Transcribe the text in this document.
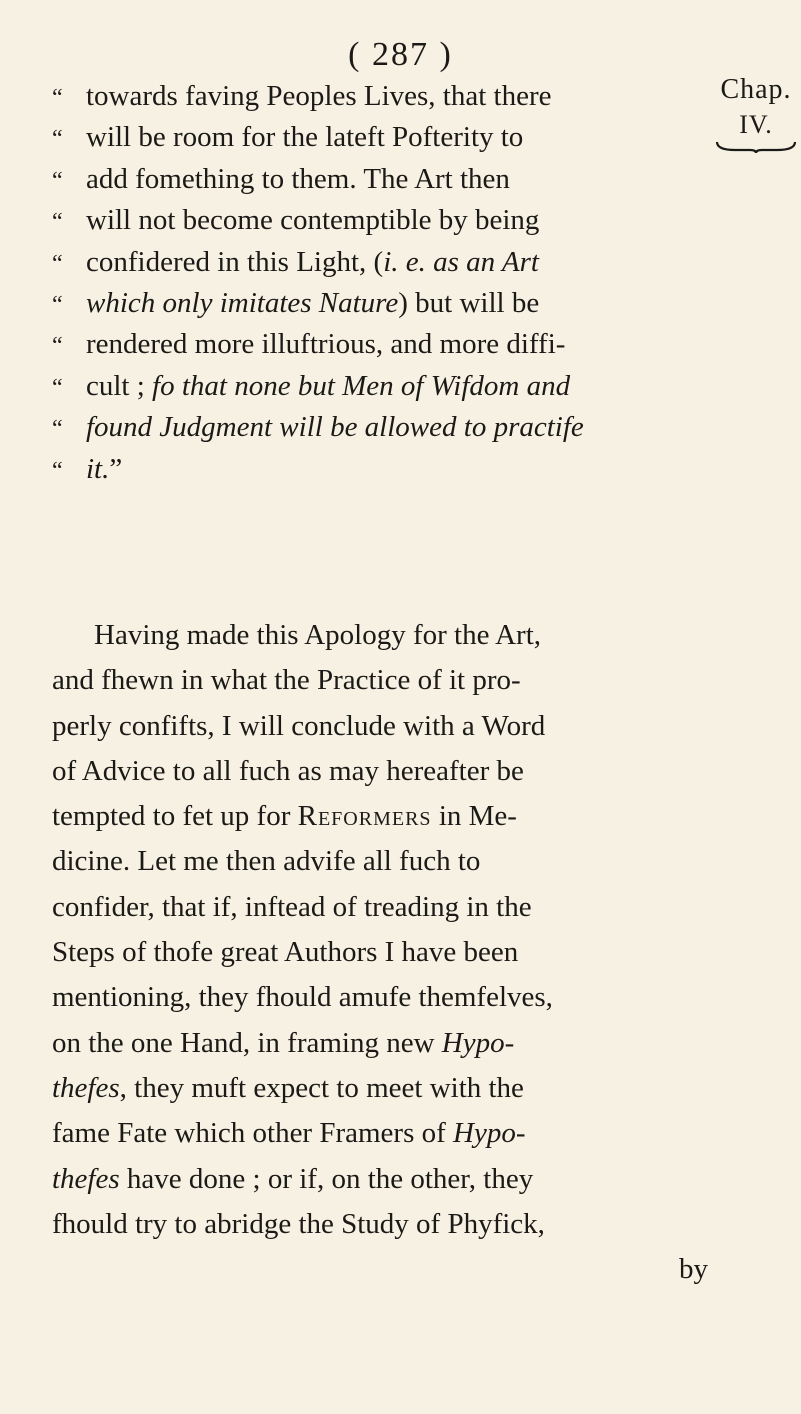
( 287 )
Chap.
IV.
“ towards faving Peoples Lives, that there
“ will be room for the lateft Pofterity to
“ add fomething to them. The Art then
“ will not become contemptible by being
“ confidered in this Light, (i. e. as an Art
“ which only imitates Nature) but will be
“ rendered more illuftrious, and more diffi-
“ cult ; fo that none but Men of Wifdom and
“ found Judgment will be allowed to practife
“ it.”
Having made this Apology for the Art,
and fhewn in what the Practice of it pro-
perly confifts, I will conclude with a Word
of Advice to all fuch as may hereafter be
tempted to fet up for Reformers in Me-
dicine. Let me then advife all fuch to
confider, that if, inftead of treading in the
Steps of thofe great Authors I have been
mentioning, they fhould amufe themfelves,
on the one Hand, in framing new Hypo-
thefes, they muft expect to meet with the
fame Fate which other Framers of Hypo-
thefes have done ; or if, on the other, they
fhould try to abridge the Study of Phyfick,
by
